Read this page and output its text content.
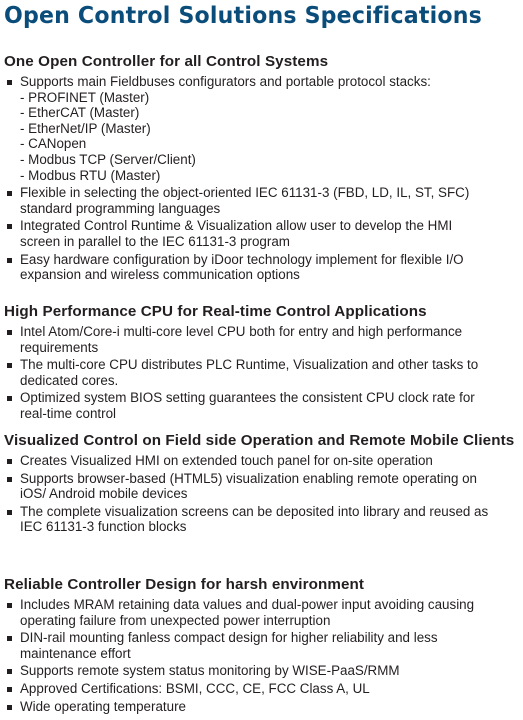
Open Control Solutions Specifications
One Open Controller for all Control Systems
Supports main Fieldbuses configurators and portable protocol stacks:
- PROFINET (Master)
- EtherCAT (Master)
- EtherNet/IP (Master)
- CANopen
- Modbus TCP (Server/Client)
- Modbus RTU (Master)
Flexible in selecting the object-oriented IEC 61131-3 (FBD, LD, IL, ST, SFC) standard programming languages
Integrated Control Runtime & Visualization allow user to develop the HMI screen in parallel to the IEC 61131-3 program
Easy hardware configuration by iDoor technology implement for flexible I/O expansion and wireless communication options
High Performance CPU for Real-time Control Applications
Intel Atom/Core-i multi-core level CPU both for entry and high performance requirements
The multi-core CPU distributes PLC Runtime, Visualization and other tasks to dedicated cores.
Optimized system BIOS setting guarantees the consistent CPU clock rate for real-time control
Visualized Control on Field side Operation and Remote Mobile Clients
Creates Visualized HMI on extended touch panel for on-site operation
Supports browser-based (HTML5) visualization enabling remote operating on iOS/ Android mobile devices
The complete visualization screens can be deposited into library and reused as IEC 61131-3 function blocks
Reliable Controller Design for harsh environment
Includes MRAM retaining data values and dual-power input avoiding causing operating failure from unexpected power interruption
DIN-rail mounting fanless compact design for higher reliability and less maintenance effort
Supports remote system status monitoring by WISE-PaaS/RMM
Approved Certifications: BSMI, CCC, CE, FCC Class A, UL
Wide operating temperature
